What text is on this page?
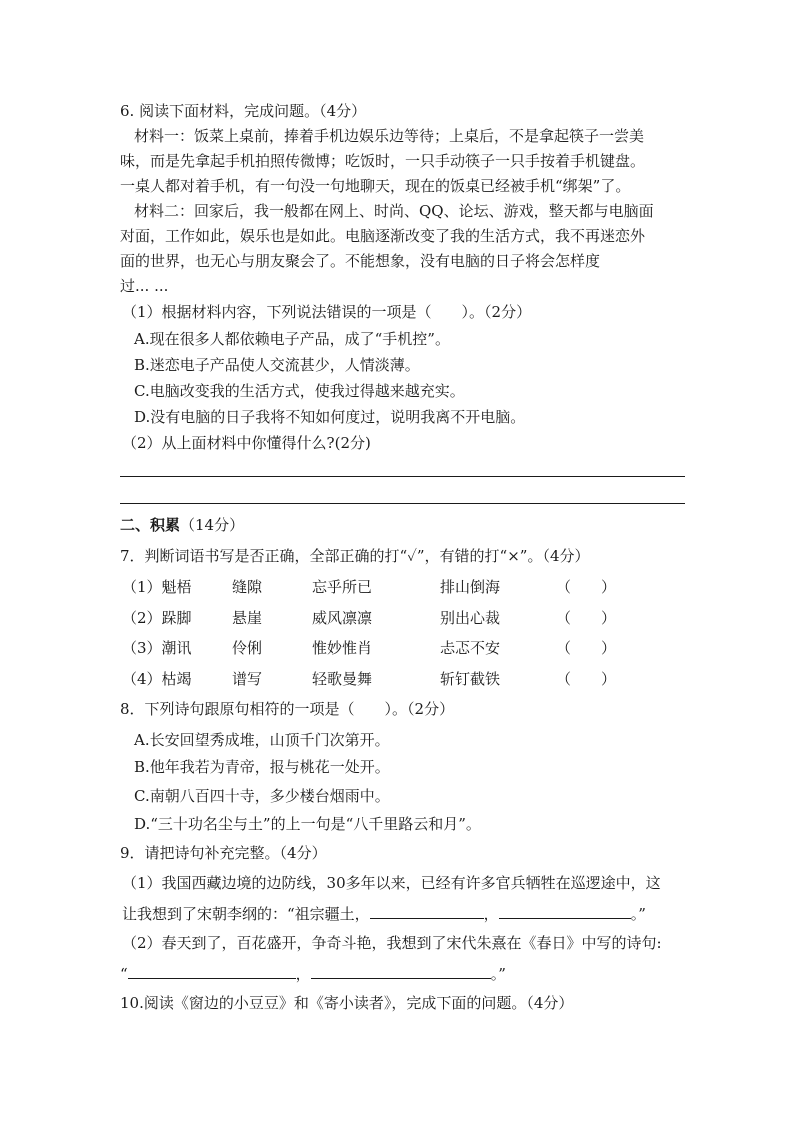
6. 阅读下面材料，完成问题。（4分）
材料一：饭菜上桌前，捧着手机边娱乐边等待；上桌后，不是拿起筷子一尝美
味，而是先拿起手机拍照传微博；吃饭时，一只手动筷子一只手按着手机键盘。
一桌人都对着手机，有一句没一句地聊天，现在的饭桌已经被手机“绑架”了。
材料二：回家后，我一般都在网上、时尚、QQ、论坛、游戏，整天都与电脑面
对面，工作如此，娱乐也是如此。电脑逐渐改变了我的生活方式，我不再迷恋外
面的世界，也无心与朋友聚会了。不能想象，没有电脑的日子将会怎样度
过... ...
（1）根据材料内容，下列说法错误的一项是（　　）。（2分）
A.现在很多人都依赖电子产品，成了“手机控”。
B.迷恋电子产品使人交流甚少，人情淡薄。
C.电脑改变我的生活方式，使我过得越来越充实。
D.没有电脑的日子我将不知如何度过，说明我离不开电脑。
（2）从上面材料中你懂得什么?(2分)
二、积累（14分）
7．判断词语书写是否正确，全部正确的打“✓”，有错的打“×”。（4分）
（1）魁梧	缝隙	忘乎所已	排山倒海	（　　）
（2）跺脚	悬崖	威风凛凛	别出心裁	（　　）
（3）潮讯	伶俐	惟妙惟肖	忐忑不安	（　　）
（4）枯竭	谱写	轻歌曼舞	斩钉截铁	（　　）
8．下列诗句跟原句相符的一项是（　　）。（2分）
A.长安回望秀成堆，山顶千门次第开。
B.他年我若为青帝，报与桃花一处开。
C.南朝八百四十寺，多少楼台烟雨中。
D.“三十功名尘与土”的上一句是“八千里路云和月”。
9．请把诗句补充完整。（4分）
（1）我国西藏边境的边防线，30多年以来，已经有许多官兵牺牲在巡逻途中，这
让我想到了宋朝李纲的：“祖宗疆土，	，	。”
（2）春天到了，百花盛开，争奇斗艳，我想到了宋代朱熹在《春日》中写的诗句:
“	，	。”
10.阅读《窗边的小豆豆》和《寄小读者》，完成下面的问题。（4分）
